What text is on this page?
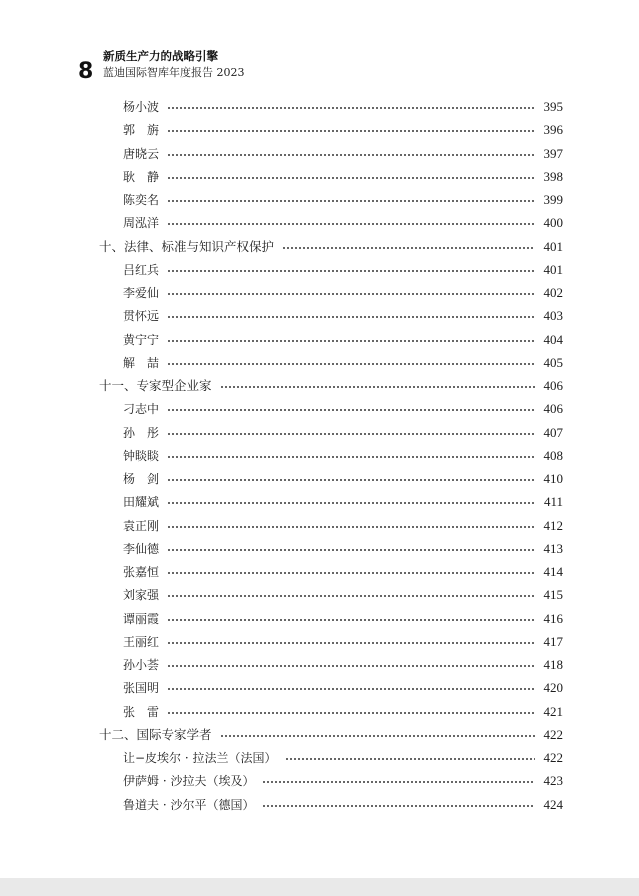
8
新质生产力的战略引擎
蓝迪国际智库年度报告 2023
杨小波	395
郭　旃	396
唐晓云	397
耿　静	398
陈奕名	399
周泓洋	400
十、法律、标准与知识产权保护	401
吕红兵	401
李爱仙	402
贯怀远	403
黄宁宁	404
解　喆	405
十一、专家型企业家	406
刁志中	406
孙　彤	407
钟睒睒	408
杨　剑	410
田耀斌	411
袁正刚	412
李仙德	413
张嘉恒	414
刘家强	415
谭丽霞	416
王丽红	417
孙小荟	418
张国明	420
张　雷	421
十二、国际专家学者	422
让−皮埃尔 · 拉法兰（法国）	422
伊萨姆 · 沙拉夫（埃及）	423
鲁道夫 · 沙尔平（德国）	424
